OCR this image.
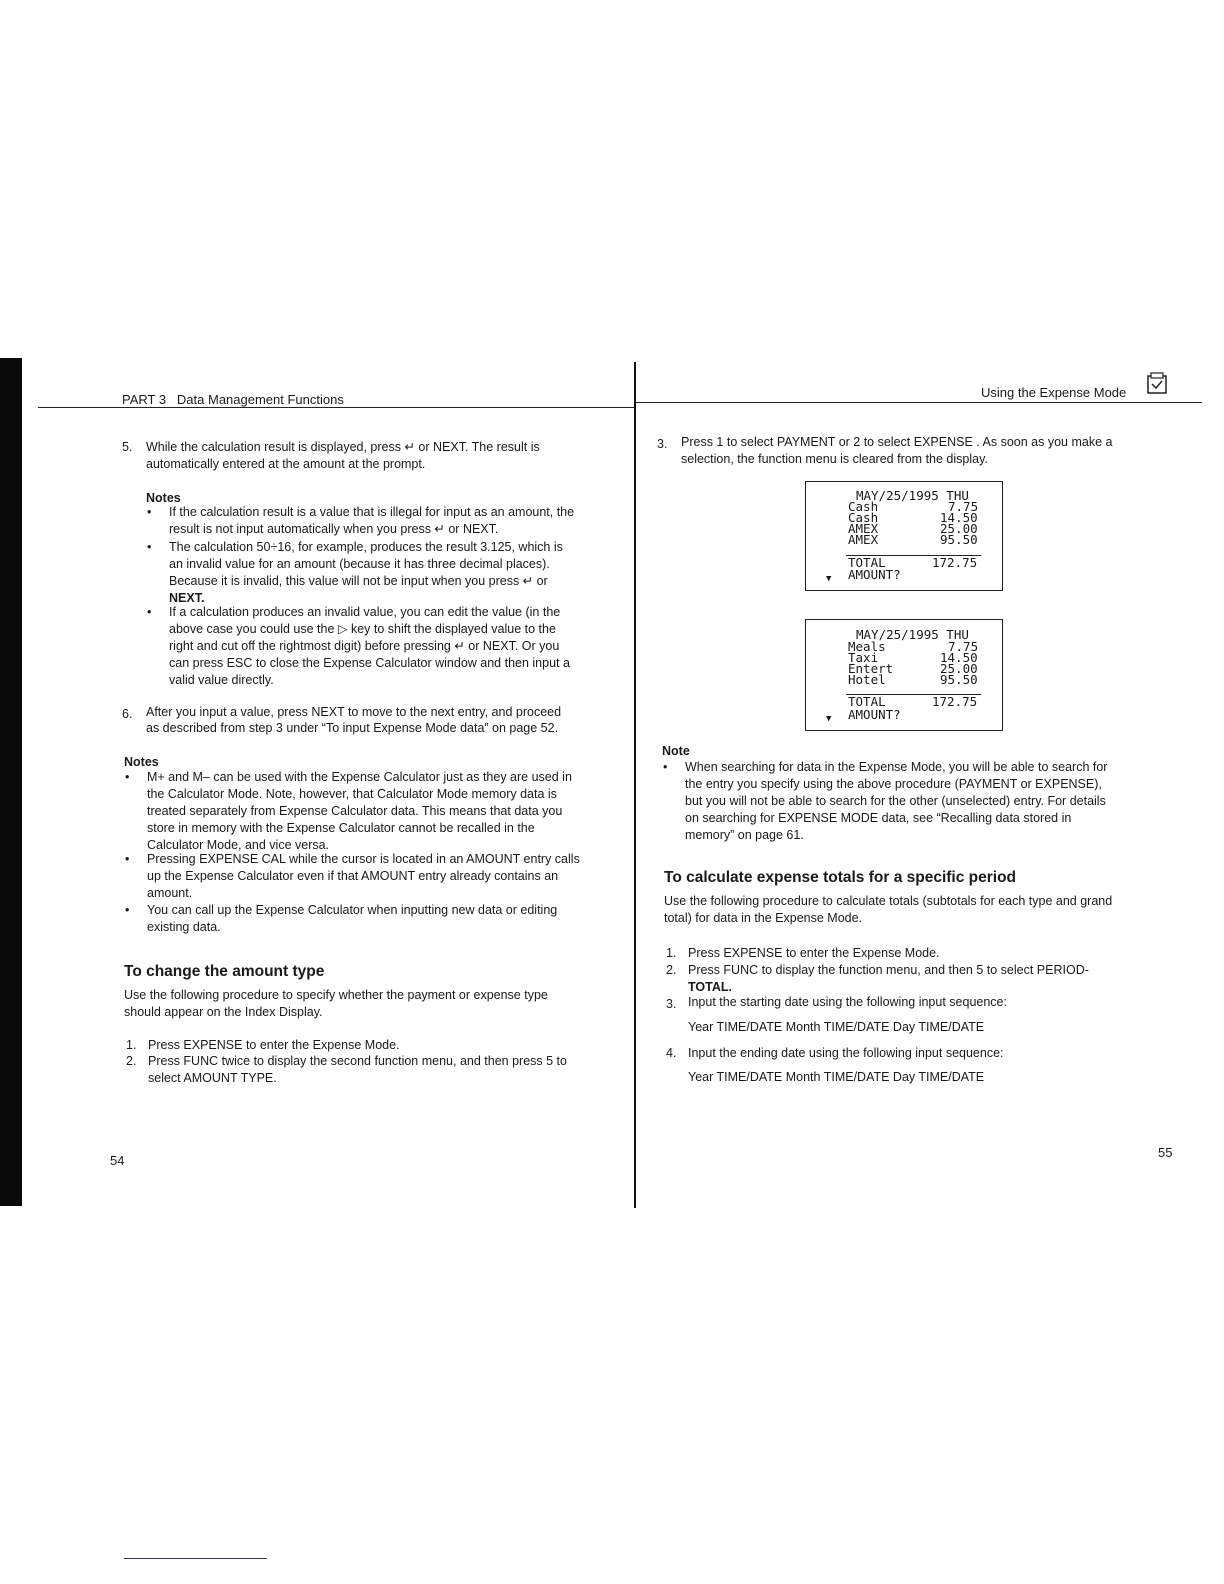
PART 3   Data Management Functions	Using the Expense Mode
5. While the calculation result is displayed, press ↵ or NEXT. The result is
automatically entered at the amount at the prompt.
Notes
• If the calculation result is a value that is illegal for input as an amount, the
result is not input automatically when you press ↵ or NEXT.
• The calculation 50÷16, for example, produces the result 3.125, which is
an invalid value for an amount (because it has three decimal places).
Because it is invalid, this value will not be input when you press ↵ or
NEXT.
• If a calculation produces an invalid value, you can edit the value (in the
above case you could use the ▷ key to shift the displayed value to the
right and cut off the rightmost digit) before pressing ↵ or NEXT. Or you
can press ESC to close the Expense Calculator window and then input a
valid value directly.
6. After you input a value, press NEXT to move to the next entry, and proceed
as described from step 3 under “To input Expense Mode data” on page 52.
Notes
• M+ and M– can be used with the Expense Calculator just as they are used in
the Calculator Mode. Note, however, that Calculator Mode memory data is
treated separately from Expense Calculator data. This means that data you
store in memory with the Expense Calculator cannot be recalled in the
Calculator Mode, and vice versa.
• Pressing EXPENSE CAL while the cursor is located in an AMOUNT entry calls
up the Expense Calculator even if that AMOUNT entry already contains an
amount.
• You can call up the Expense Calculator when inputting new data or editing
existing data.
To change the amount type
Use the following procedure to specify whether the payment or expense type
should appear on the Index Display.
1. Press EXPENSE to enter the Expense Mode.
2. Press FUNC twice to display the second function menu, and then press 5 to
select AMOUNT TYPE.
54
3. Press 1 to select PAYMENT or 2 to select EXPENSE . As soon as you make a
selection, the function menu is cleared from the display.
MAY/25/1995 THU
Cash	7.75
Cash	14.50
AMEX	25.00
AMEX	95.50
TOTAL	172.75
▼ AMOUNT?
MAY/25/1995 THU
Meals	7.75
Taxi	14.50
Entert	25.00
Hotel	95.50
TOTAL	172.75
▼ AMOUNT?
Note
• When searching for data in the Expense Mode, you will be able to search for
the entry you specify using the above procedure (PAYMENT or EXPENSE),
but you will not be able to search for the other (unselected) entry. For details
on searching for EXPENSE MODE data, see “Recalling data stored in
memory” on page 61.
To calculate expense totals for a specific period
Use the following procedure to calculate totals (subtotals for each type and grand
total) for data in the Expense Mode.
1. Press EXPENSE to enter the Expense Mode.
2. Press FUNC to display the function menu, and then 5 to select PERIOD-
TOTAL.
3. Input the starting date using the following input sequence:
Year TIME/DATE Month TIME/DATE Day TIME/DATE
4. Input the ending date using the following input sequence:
Year TIME/DATE Month TIME/DATE Day TIME/DATE
55
